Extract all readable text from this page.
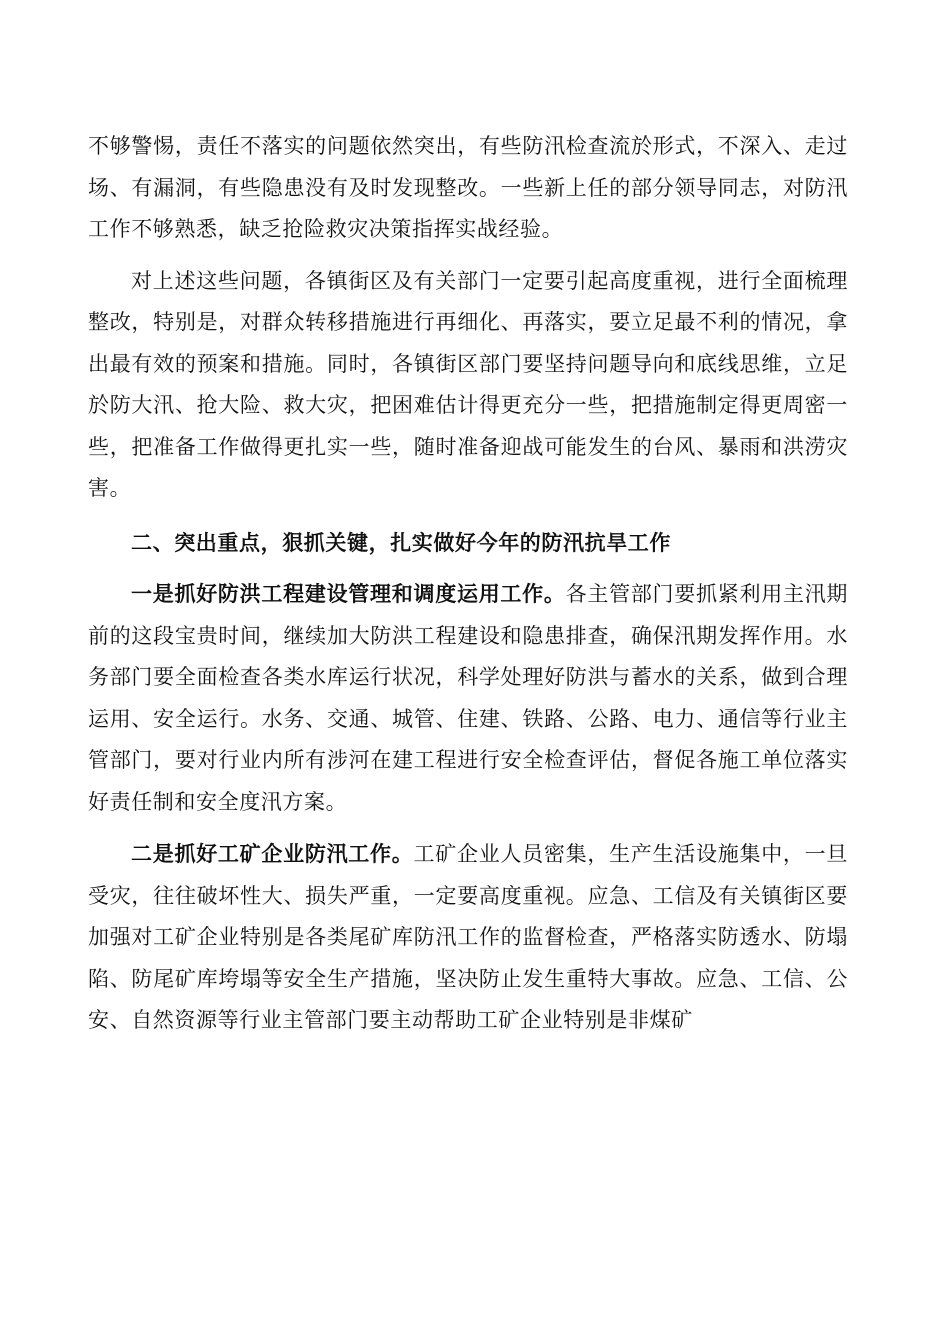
不够警惕，责任不落实的问题依然突出，有些防汛检查流於形式，不深入、走过场、有漏洞，有些隐患没有及时发现整改。一些新上任的部分领导同志，对防汛工作不够熟悉，缺乏抢险救灾决策指挥实战经验。

对上述这些问题，各镇街区及有关部门一定要引起高度重视，进行全面梳理整改，特别是，对群众转移措施进行再细化、再落实，要立足最不利的情况，拿出最有效的预案和措施。同时，各镇街区部门要坚持问题导向和底线思维，立足於防大汛、抢大险、救大灾，把困难估计得更充分一些，把措施制定得更周密一些，把准备工作做得更扎实一些，随时准备迎战可能发生的台风、暴雨和洪涝灾害。

二、突出重点，狠抓关键，扎实做好今年的防汛抗旱工作

一是抓好防洪工程建设管理和调度运用工作。各主管部门要抓紧利用主汛期前的这段宝贵时间，继续加大防洪工程建设和隐患排查，确保汛期发挥作用。水务部门要全面检查各类水库运行状况，科学处理好防洪与蓄水的关系，做到合理运用、安全运行。水务、交通、城管、住建、铁路、公路、电力、通信等行业主管部门，要对行业内所有涉河在建工程进行安全检查评估，督促各施工单位落实好责任制和安全度汛方案。

二是抓好工矿企业防汛工作。工矿企业人员密集，生产生活设施集中，一旦受灾，往往破坏性大、损失严重，一定要高度重视。应急、工信及有关镇街区要加强对工矿企业特别是各类尾矿库防汛工作的监督检查，严格落实防透水、防塌陷、防尾矿库垮塌等安全生产措施，坚决防止发生重特大事故。应急、工信、公安、自然资源等行业主管部门要主动帮助工矿企业特别是非煤矿
